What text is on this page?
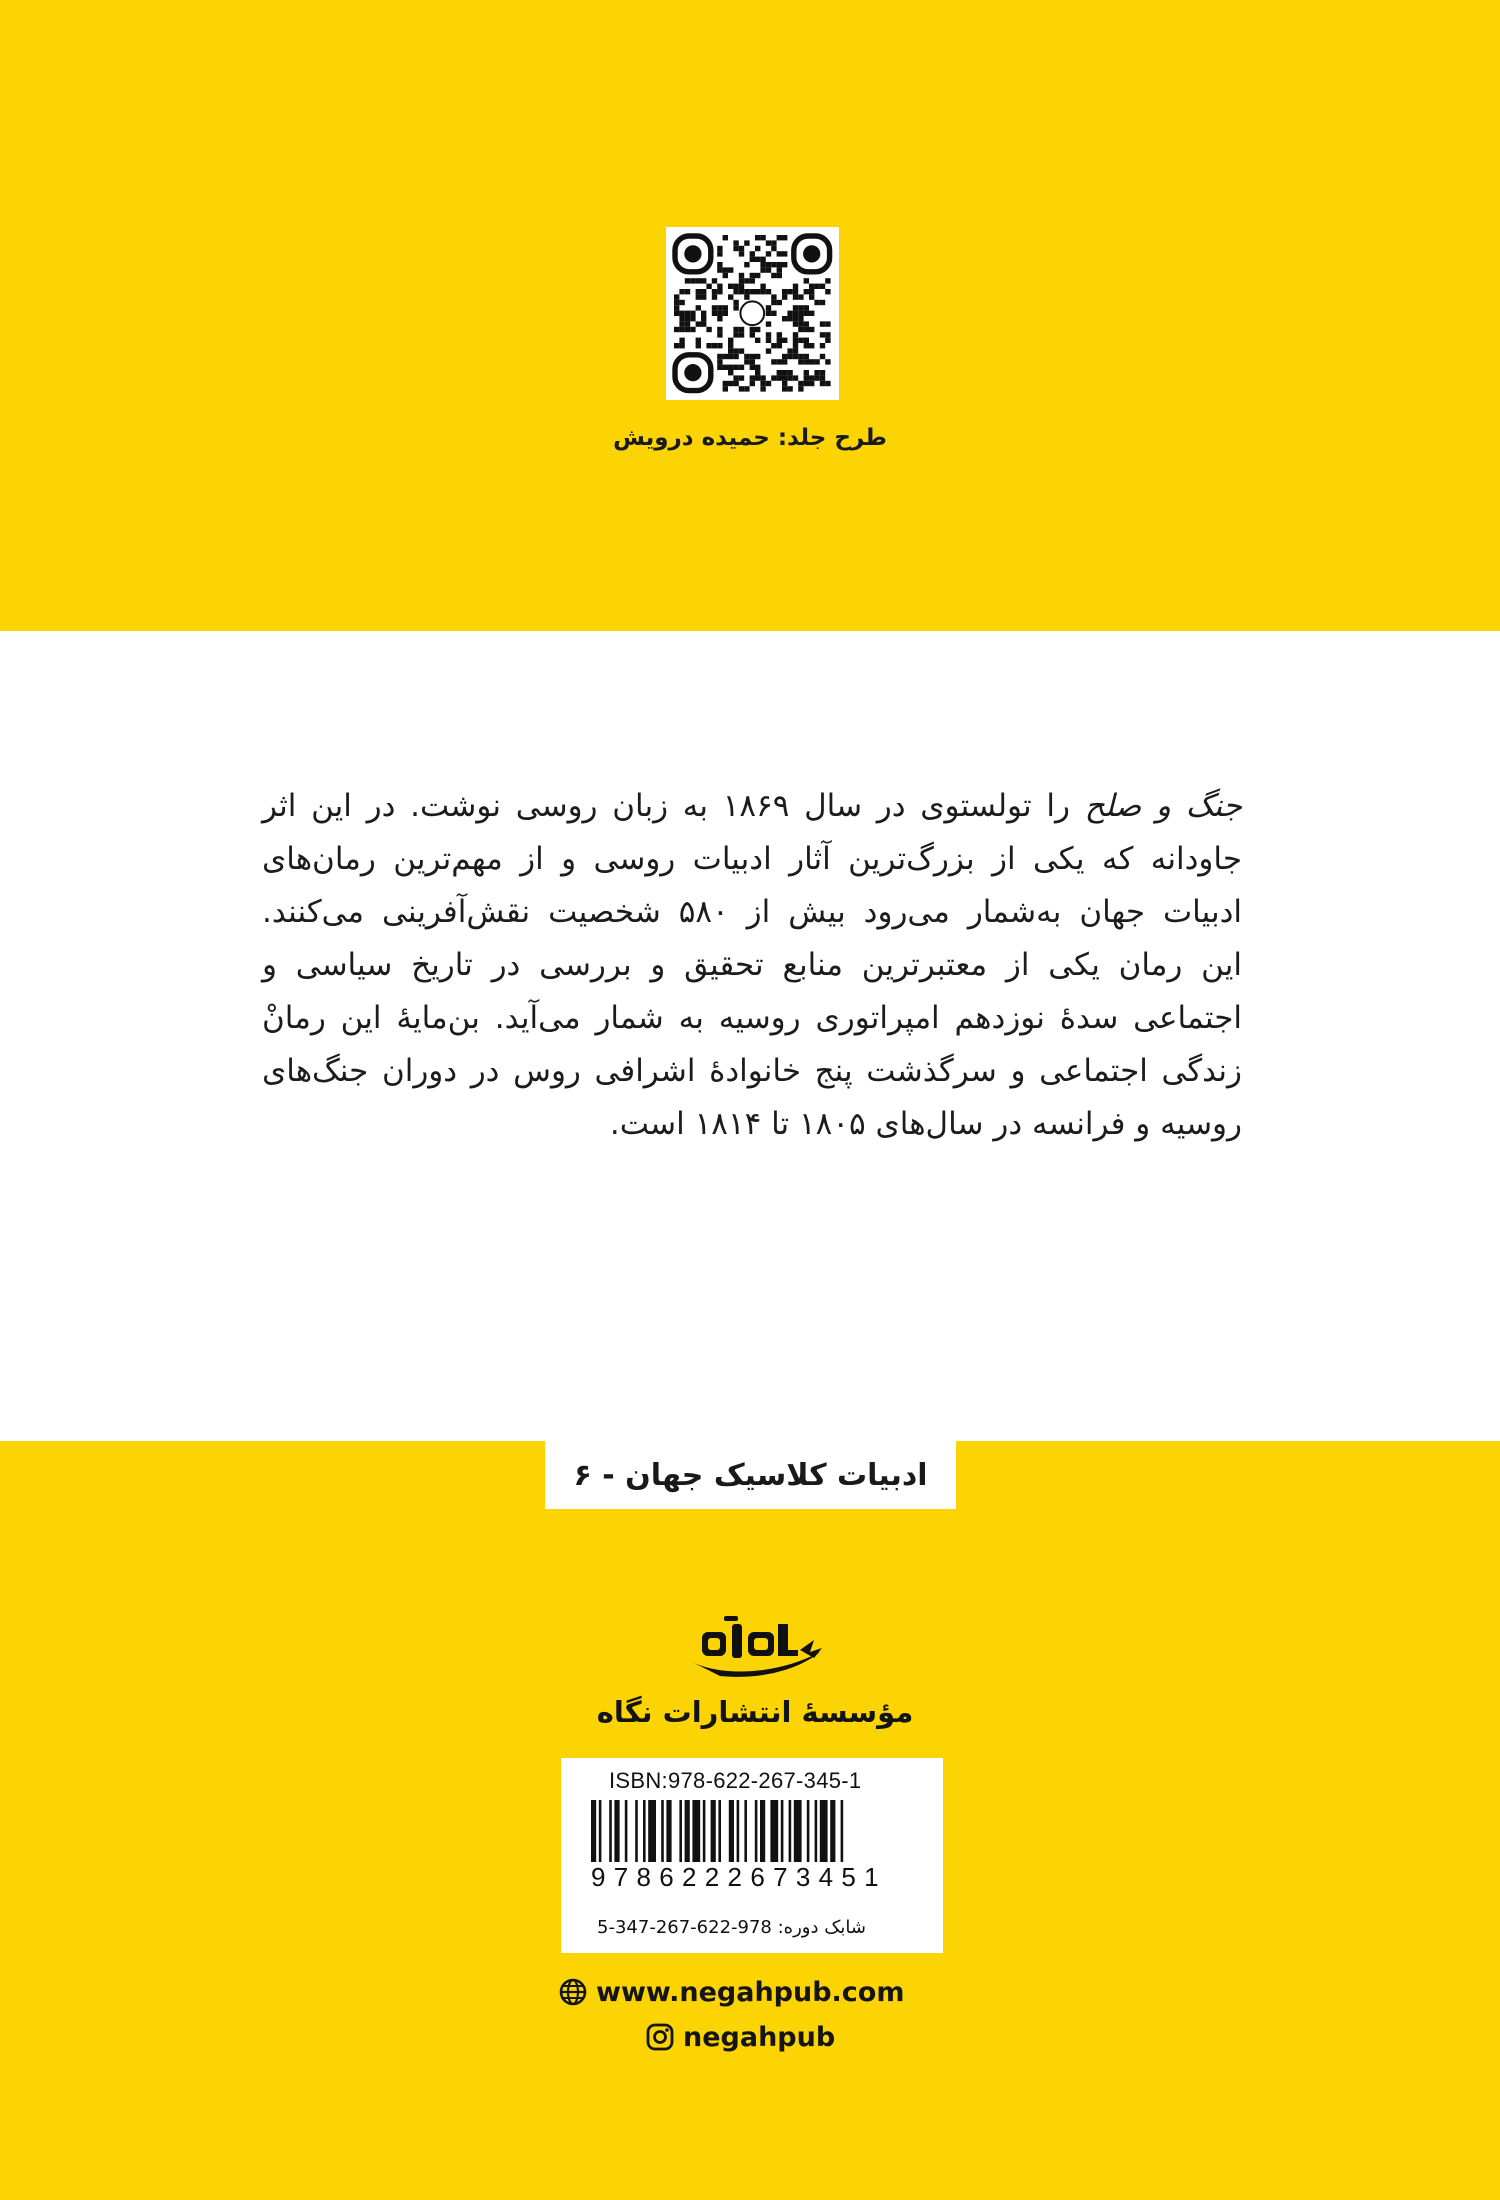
طرح جلد: حمیده درویش
جنگ و صلح را تولستوی در سال ۱۸۶۹ به زبان روسی نوشت. در این اثر
جاودانه که یکی از بزرگ‌ترین آثار ادبیات روسی و از مهم‌ترین رمان‌های
ادبیات جهان به‌شمار می‌رود بیش از ۵۸۰ شخصیت نقش‌آفرینی می‌کنند.
این رمان یکی از معتبرترین منابع تحقیق و بررسی در تاریخ سیاسی و
اجتماعی سدهٔ نوزدهم امپراتوری روسیه به شمار می‌آید. بن‌مایهٔ این رمانْ
زندگی اجتماعی و سرگذشت پنج خانوادهٔ اشرافی روس در دوران جنگ‌های
روسیه و فرانسه در سال‌های ۱۸۰۵ تا ۱۸۱۴ است.
ادبیات کلاسیک جهان - ۶
مؤسسهٔ انتشارات نگاه
ISBN:978-622-267-345-1
9786222673451
شابک دوره: 978-622-267-347-5
www.negahpub.com
negahpub
